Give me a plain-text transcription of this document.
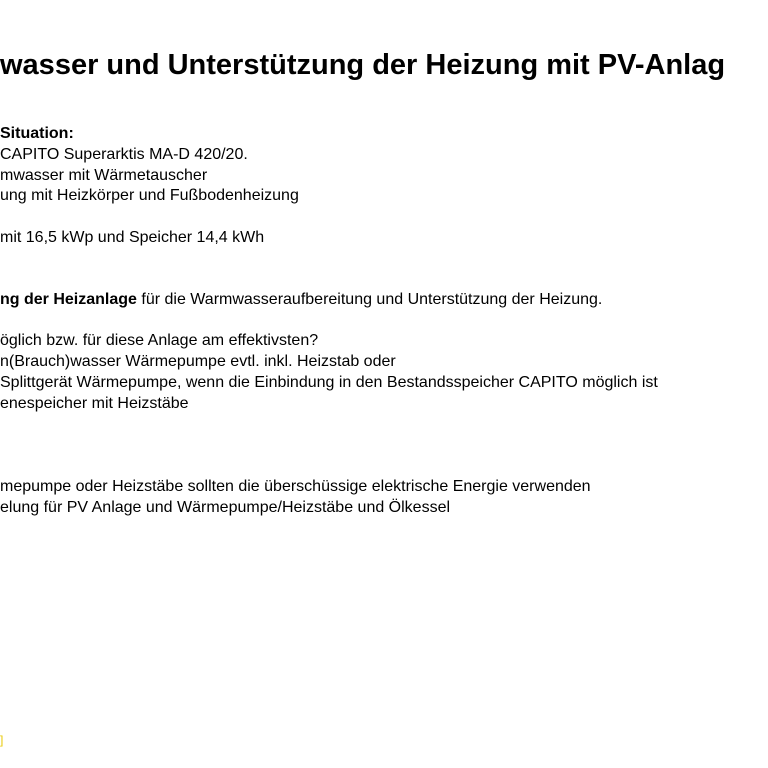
wasser und Unterstützung der Heizung mit PV-Anlag

Situation:

CAPITO Superarktis MA-D 420/20.

mwasser mit Wärmetauscher

ung mit Heizkörper und Fußbodenheizung

mit 16,5 kWp und Speicher 14,4 kWh

ng der Heizanlage für die Warmwasseraufbereitung und Unterstützung der Heizung.

öglich bzw. für diese Anlage am effektivsten?

n(Brauch)wasser Wärmepumpe evtl. inkl. Heizstab oder

Splittgerät Wärmepumpe, wenn die Einbindung in den Bestandsspeicher CAPITO möglich ist

enespeicher mit Heizstäbe

mepumpe oder Heizstäbe sollten die überschüssige elektrische Energie verwenden

elung für PV Anlage und Wärmepumpe/Heizstäbe und Ölkessel

]
